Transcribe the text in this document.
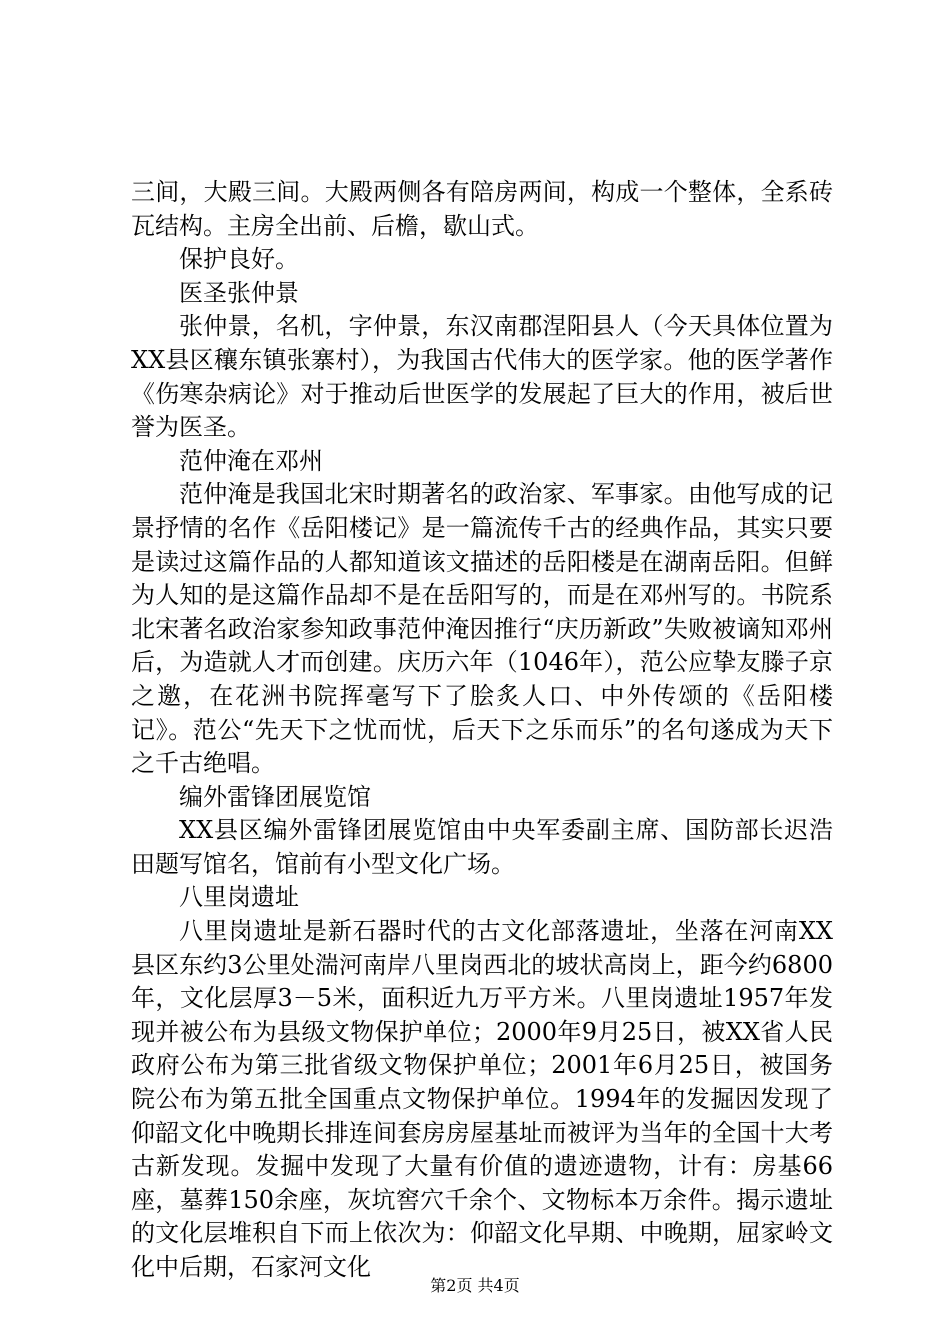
三间，大殿三间。大殿两侧各有陪房两间，构成一个整体，全系砖瓦结构。主房全出前、后檐，歇山式。

保护良好。

医圣张仲景

张仲景，名机，字仲景，东汉南郡涅阳县人（今天具体位置为XX县区穰东镇张寨村），为我国古代伟大的医学家。他的医学著作《伤寒杂病论》对于推动后世医学的发展起了巨大的作用，被后世誉为医圣。

范仲淹在邓州

范仲淹是我国北宋时期著名的政治家、军事家。由他写成的记景抒情的名作《岳阳楼记》是一篇流传千古的经典作品，其实只要是读过这篇作品的人都知道该文描述的岳阳楼是在湖南岳阳。但鲜为人知的是这篇作品却不是在岳阳写的，而是在邓州写的。书院系北宋著名政治家参知政事范仲淹因推行“庆历新政”失败被谪知邓州后，为造就人才而创建。庆历六年（1046年），范公应挚友滕子京之邀，在花洲书院挥毫写下了脍炙人口、中外传颂的《岳阳楼记》。范公“先天下之忧而忧，后天下之乐而乐”的名句遂成为天下之千古绝唱。

编外雷锋团展览馆

XX县区编外雷锋团展览馆由中央军委副主席、国防部长迟浩田题写馆名，馆前有小型文化广场。

八里岗遗址

八里岗遗址是新石器时代的古文化部落遗址，坐落在河南XX县区东约3公里处湍河南岸八里岗西北的坡状高岗上，距今约6800年，文化层厚3－5米，面积近九万平方米。八里岗遗址1957年发现并被公布为县级文物保护单位；2000年9月25日，被XX省人民政府公布为第三批省级文物保护单位；2001年6月25日，被国务院公布为第五批全国重点文物保护单位。1994年的发掘因发现了仰韶文化中晚期长排连间套房房屋基址而被评为当年的全国十大考古新发现。发掘中发现了大量有价值的遗迹遗物，计有：房基66座，墓葬150余座，灰坑窖穴千余个、文物标本万余件。揭示遗址的文化层堆积自下而上依次为：仰韶文化早期、中晚期，屈家岭文化中后期，石家河文化

第2页 共4页
